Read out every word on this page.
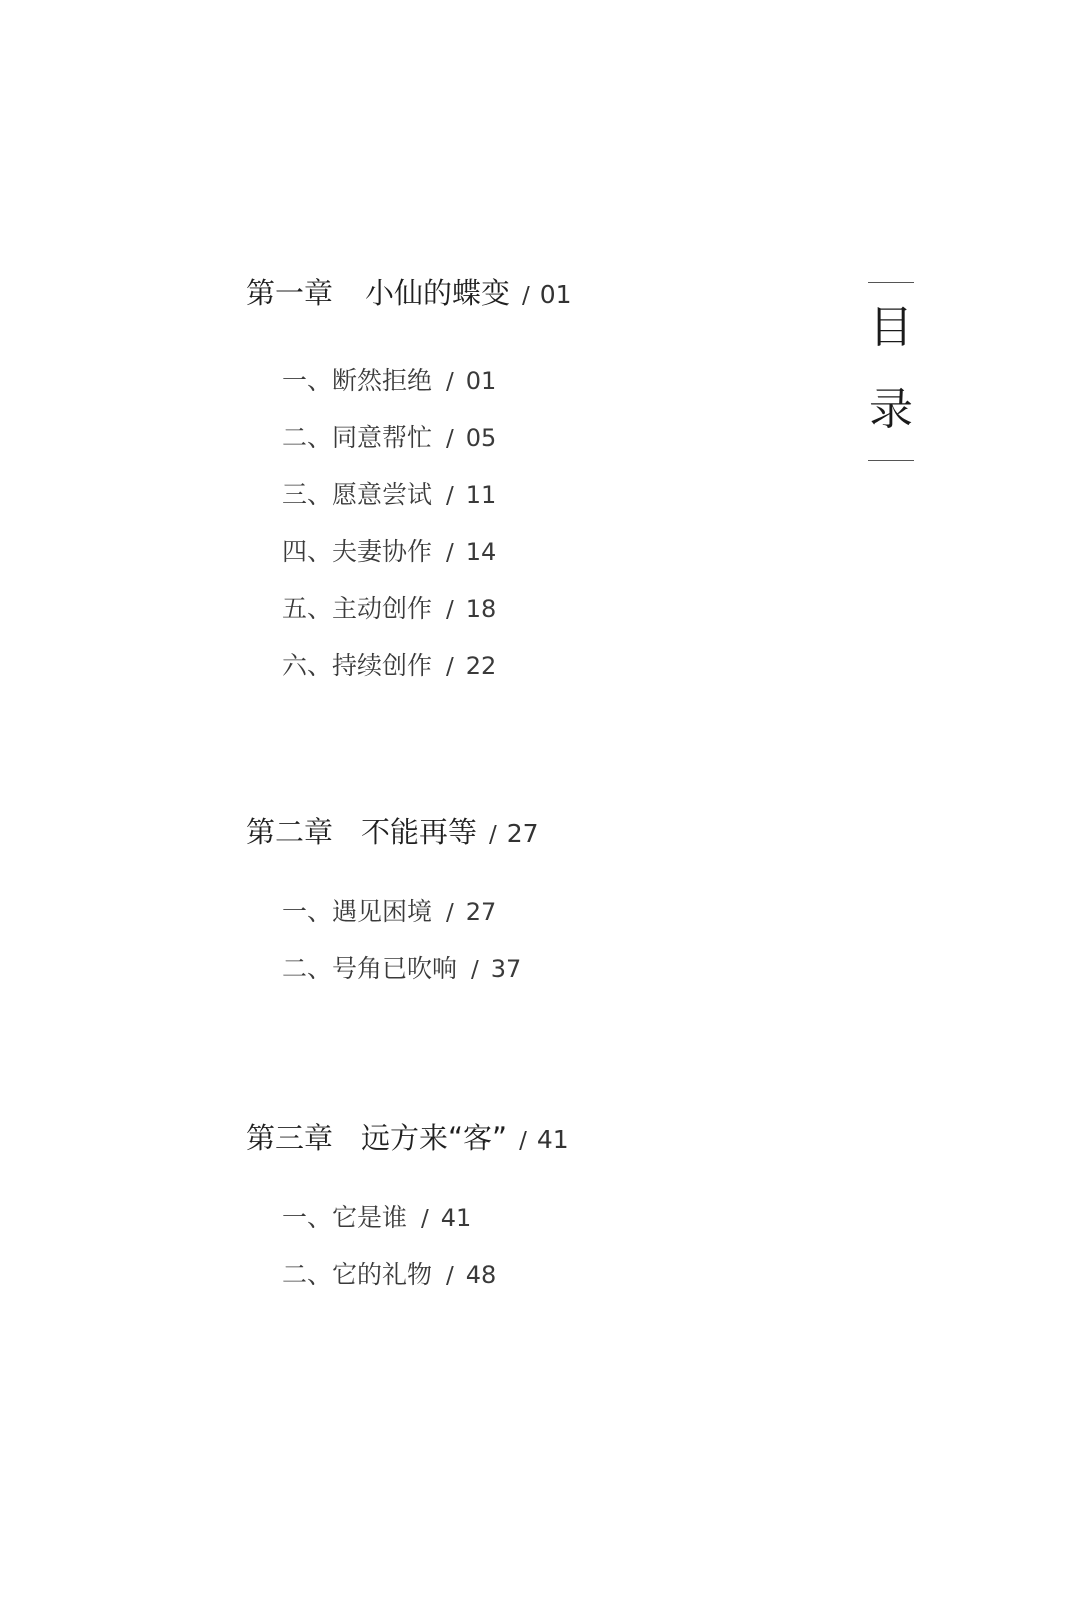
目
录
第一章 小仙的蝶变 / 01
一、断然拒绝 / 01
二、同意帮忙 / 05
三、愿意尝试 / 11
四、夫妻协作 / 14
五、主动创作 / 18
六、持续创作 / 22
第二章 不能再等 / 27
一、遇见困境 / 27
二、号角已吹响 / 37
第三章 远方来“客” / 41
一、它是谁 / 41
二、它的礼物 / 48
